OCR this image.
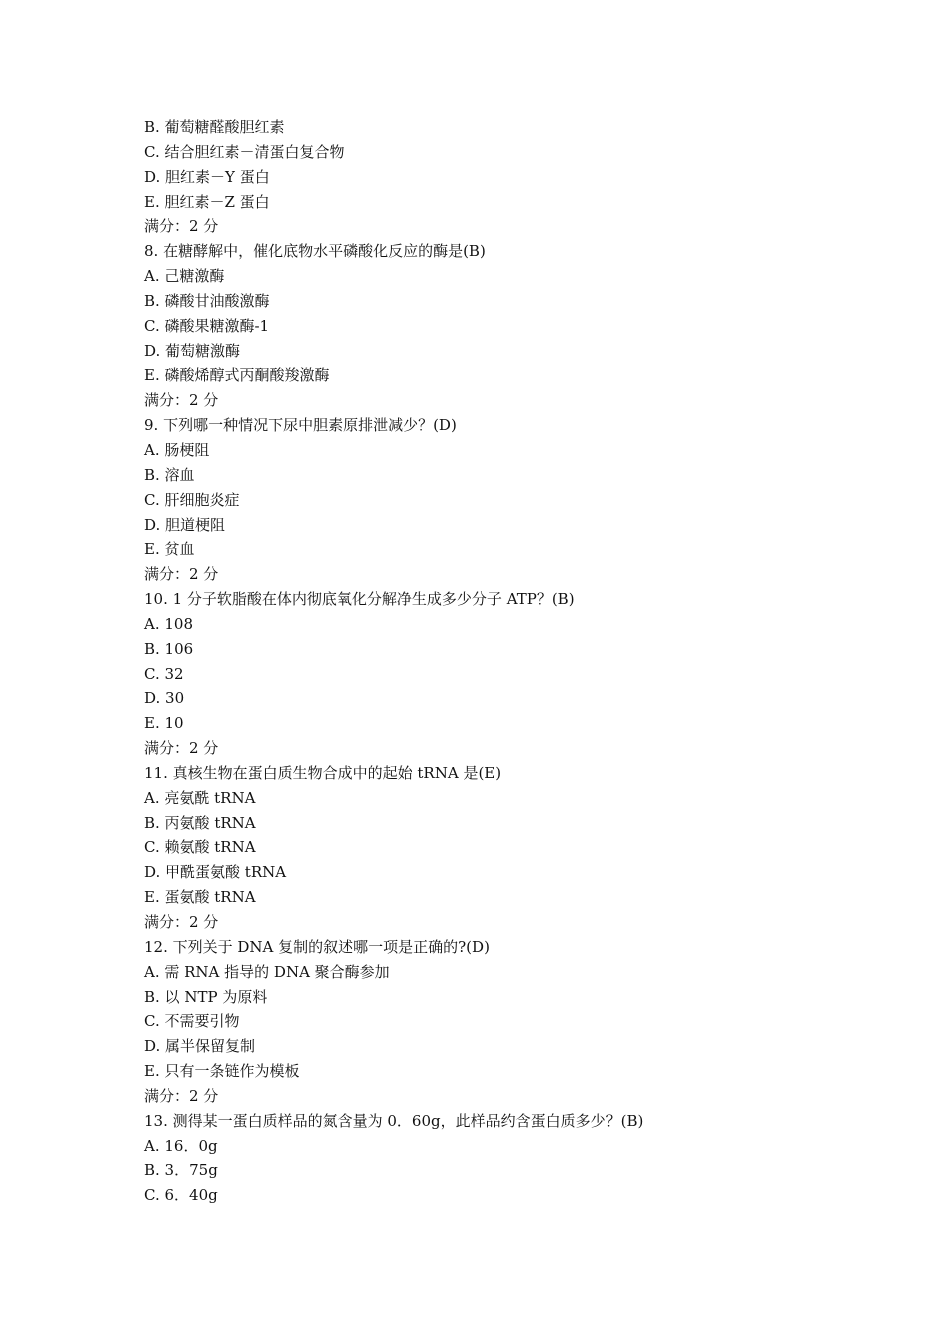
B. 葡萄糖醛酸胆红素
C. 结合胆红素－清蛋白复合物
D. 胆红素－Y 蛋白
E. 胆红素－Z 蛋白
满分：2 分
8. 在糖酵解中，催化底物水平磷酸化反应的酶是(B)
A. 己糖激酶
B. 磷酸甘油酸激酶
C. 磷酸果糖激酶-1
D. 葡萄糖激酶
E. 磷酸烯醇式丙酮酸羧激酶
满分：2 分
9. 下列哪一种情况下尿中胆素原排泄减少？(D)
A. 肠梗阻
B. 溶血
C. 肝细胞炎症
D. 胆道梗阻
E. 贫血
满分：2 分
10. 1 分子软脂酸在体内彻底氧化分解净生成多少分子 ATP？(B)
A. 108
B. 106
C. 32
D. 30
E. 10
满分：2 分
11. 真核生物在蛋白质生物合成中的起始 tRNA 是(E)
A. 亮氨酰 tRNA
B. 丙氨酸 tRNA
C. 赖氨酸 tRNA
D. 甲酰蛋氨酸 tRNA
E. 蛋氨酸 tRNA
满分：2 分
12. 下列关于 DNA 复制的叙述哪一项是正确的?(D)
A. 需 RNA 指导的 DNA 聚合酶参加
B. 以 NTP 为原料
C. 不需要引物
D. 属半保留复制
E. 只有一条链作为模板
满分：2 分
13. 测得某一蛋白质样品的氮含量为 0．60g，此样品约含蛋白质多少？(B)
A. 16．0g
B. 3．75g
C. 6．40g
